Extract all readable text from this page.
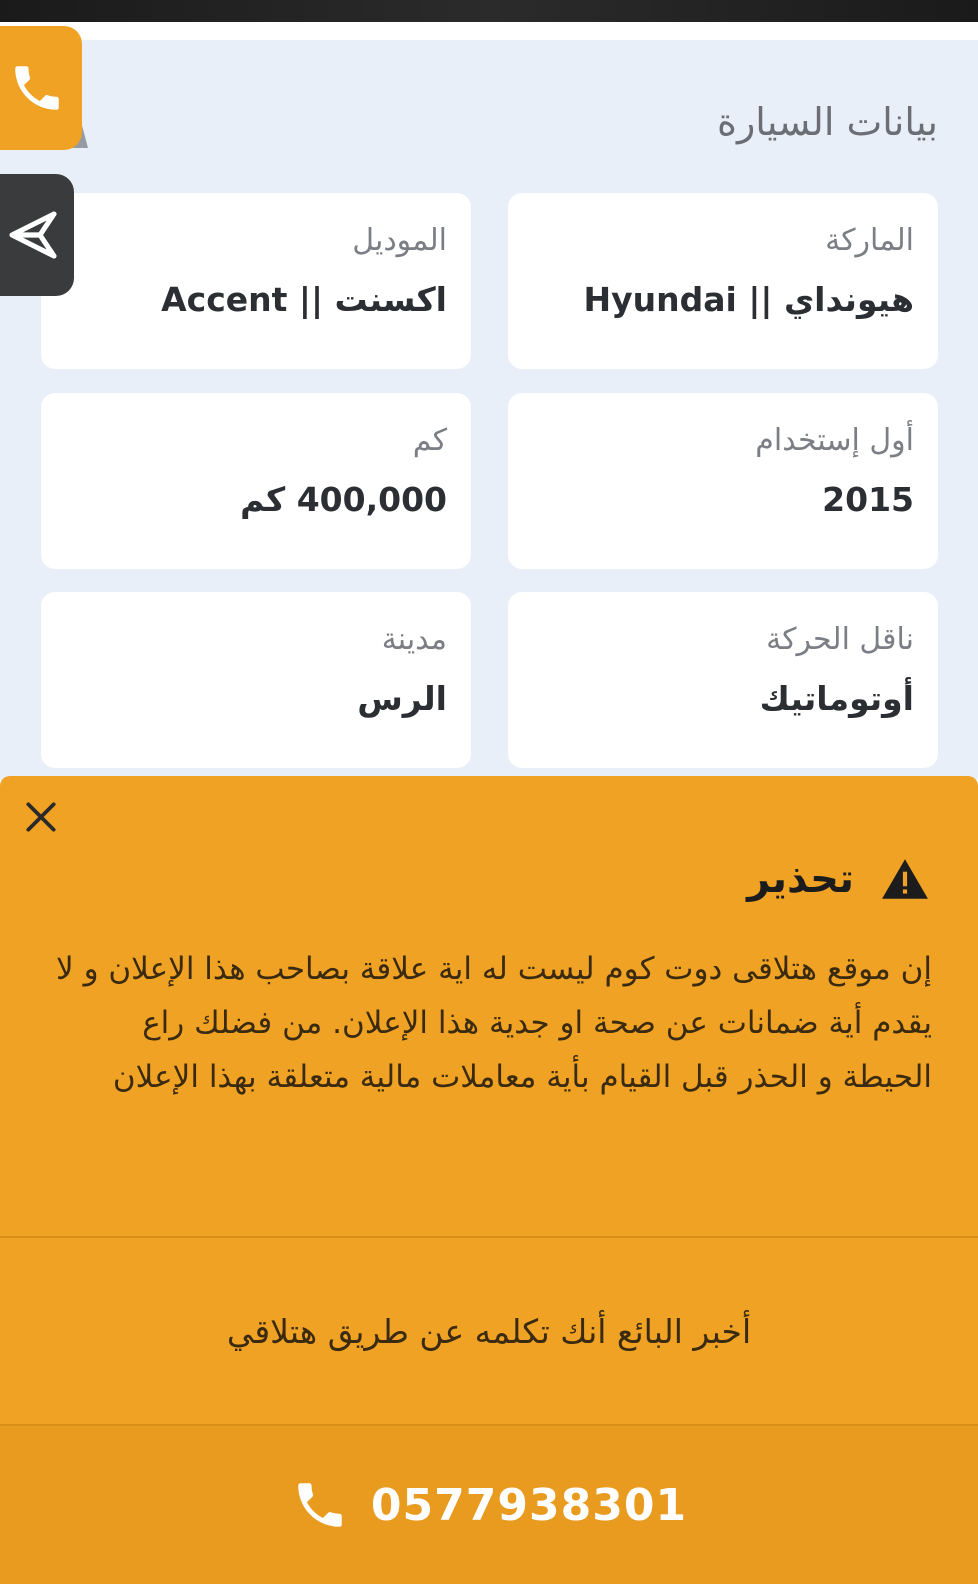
بيانات السيارة
الماركة
هيونداي || Hyundai
الموديل
اكسنت || Accent
أول إستخدام
2015
كم
400,000 كم
ناقل الحركة
أوتوماتيك
مدينة
الرس
تحذير

إن موقع هتلاقى دوت كوم ليست له اية علاقة بصاحب هذا الإعلان و لا يقدم أية ضمانات عن صحة او جدية هذا الإعلان. من فضلك راع الحيطة و الحذر قبل القيام بأية معاملات مالية متعلقة بهذا الإعلان

أخبر البائع أنك تكلمه عن طريق هتلاقي
0577938301
